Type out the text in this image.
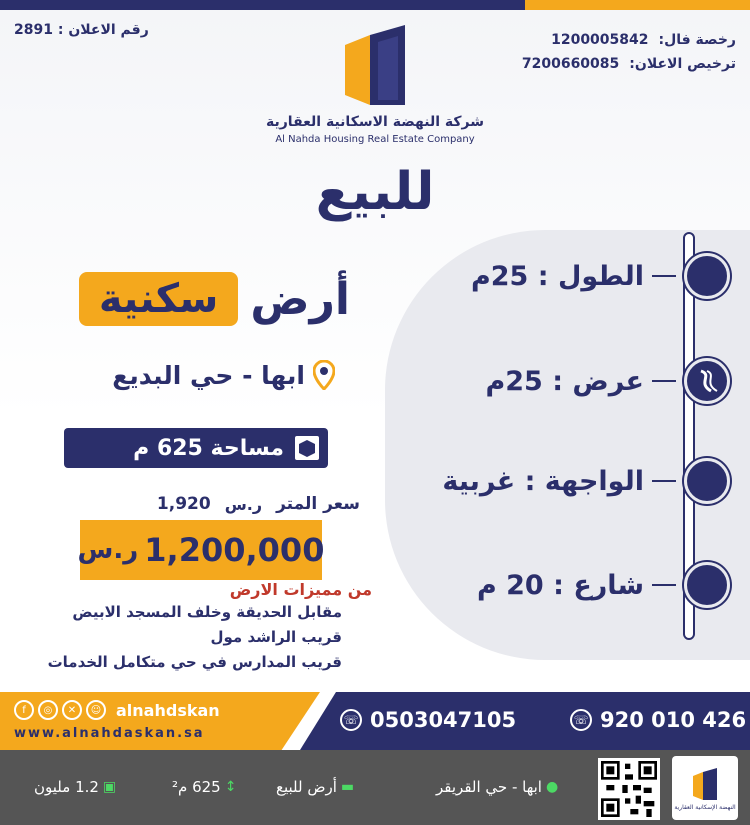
رقم الاعلان : 2891
رخصة فال:
1200005842
ترخيص الاعلان:
7200660085
شركة النهضة الاسكانية العقارية
Al Nahda Housing Real Estate Company
للبيع
الطول : 25م
عرض : 25م
الواجهة : غربية
شارع : 20 م
أرض
سكنية
ابها - حي البديع
مساحة 625 م
سعر المتر
ر.س
1,920
ر.س 1,200,000
من مميزات الارض
مقابل الحديقة وخلف المسجد الابيض
قريب الراشد مول
قريب المدارس في حي متكامل الخدمات
f	◎	✕	☺ alnahdskan
www.alnahdaskan.sa
☏ 0503047105	☏ 920 010 426
▣
1.2 مليون	↕
625 م²	▬
أرض للبيع	●
ابها - حي القريقر
النهضة الإسكانية العقارية
